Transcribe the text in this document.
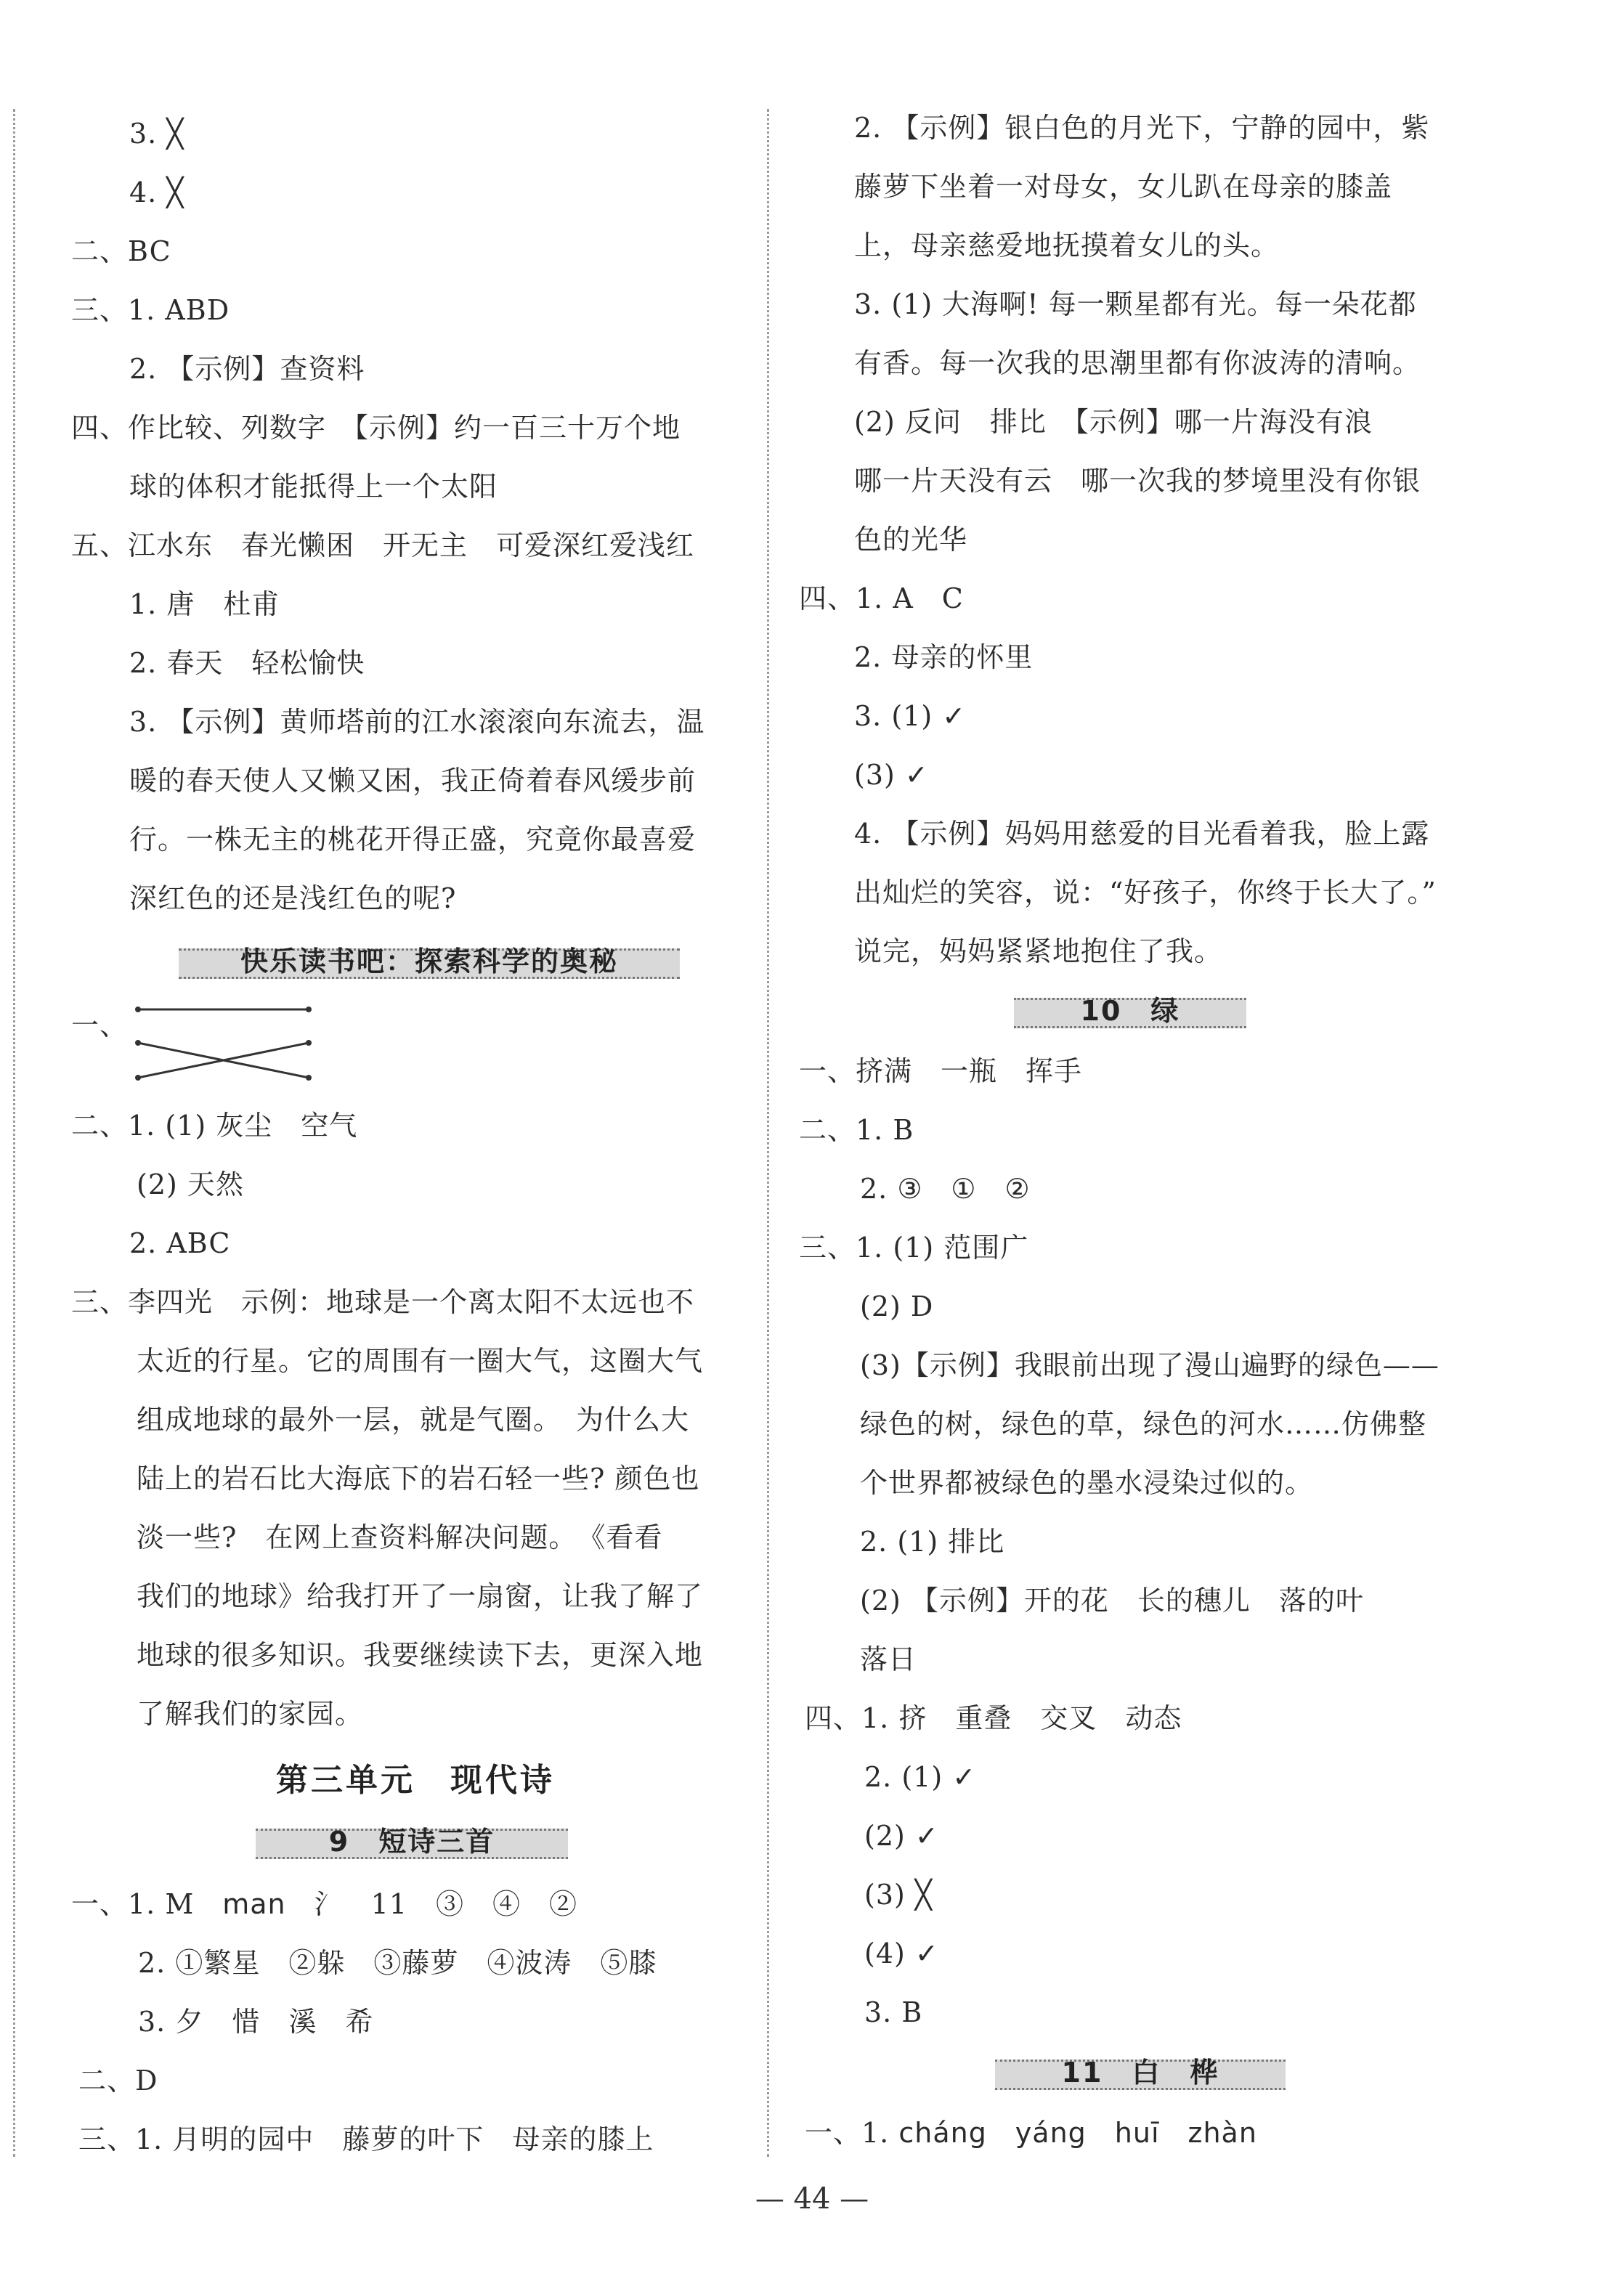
3. ╳
4. ╳
二、BC
三、1. ABD
2. 【示例】查资料
四、作比较、列数字　【示例】约一百三十万个地
球的体积才能抵得上一个太阳
五、江水东　春光懒困　开无主　可爱深红爱浅红
1. 唐　杜甫
2. 春天　轻松愉快
3. 【示例】黄师塔前的江水滚滚向东流去，温
暖的春天使人又懒又困，我正倚着春风缓步前
行。一株无主的桃花开得正盛，究竟你最喜爱
深红色的还是浅红色的呢?
快乐读书吧：探索科学的奥秘
一、
二、1. (1) 灰尘　空气
(2) 天然
2. ABC
三、李四光　示例：地球是一个离太阳不太远也不
太近的行星。它的周围有一圈大气，这圈大气
组成地球的最外一层，就是气圈。　为什么大
陆上的岩石比大海底下的岩石轻一些? 颜色也
淡一些?　在网上查资料解决问题。　《看看
我们的地球》给我打开了一扇窗，让我了解了
地球的很多知识。我要继续读下去，更深入地
了解我们的家园。
第三单元　现代诗
9　短诗三首
一、1. M　man　氵　11　③　④　②
2. ①繁星　②躲　③藤萝　④波涛　⑤膝
3. 夕　惜　溪　希
二、D
三、1. 月明的园中　藤萝的叶下　母亲的膝上
2. 【示例】银白色的月光下，宁静的园中，紫
藤萝下坐着一对母女，女儿趴在母亲的膝盖
上，母亲慈爱地抚摸着女儿的头。
3. (1) 大海啊! 每一颗星都有光。每一朵花都
有香。每一次我的思潮里都有你波涛的清响。
(2) 反问　排比　【示例】哪一片海没有浪
哪一片天没有云　哪一次我的梦境里没有你银
色的光华
四、1. A　C
2. 母亲的怀里
3. (1) ✓
(3) ✓
4. 【示例】妈妈用慈爱的目光看着我，脸上露
出灿烂的笑容，说：“好孩子，你终于长大了。”
说完，妈妈紧紧地抱住了我。
10　绿
一、挤满　一瓶　挥手
二、1. B
2. ③　①　②
三、1. (1) 范围广
(2) D
(3)【示例】我眼前出现了漫山遍野的绿色——
绿色的树，绿色的草，绿色的河水……仿佛整
个世界都被绿色的墨水浸染过似的。
2. (1) 排比
(2) 【示例】开的花　长的穗儿　落的叶
落日
四、1. 挤　重叠　交叉　动态
2. (1) ✓
(2) ✓
(3) ╳
(4) ✓
3. B
11　白　桦
一、1. cháng　yáng　huī　zhàn
— 44 —
